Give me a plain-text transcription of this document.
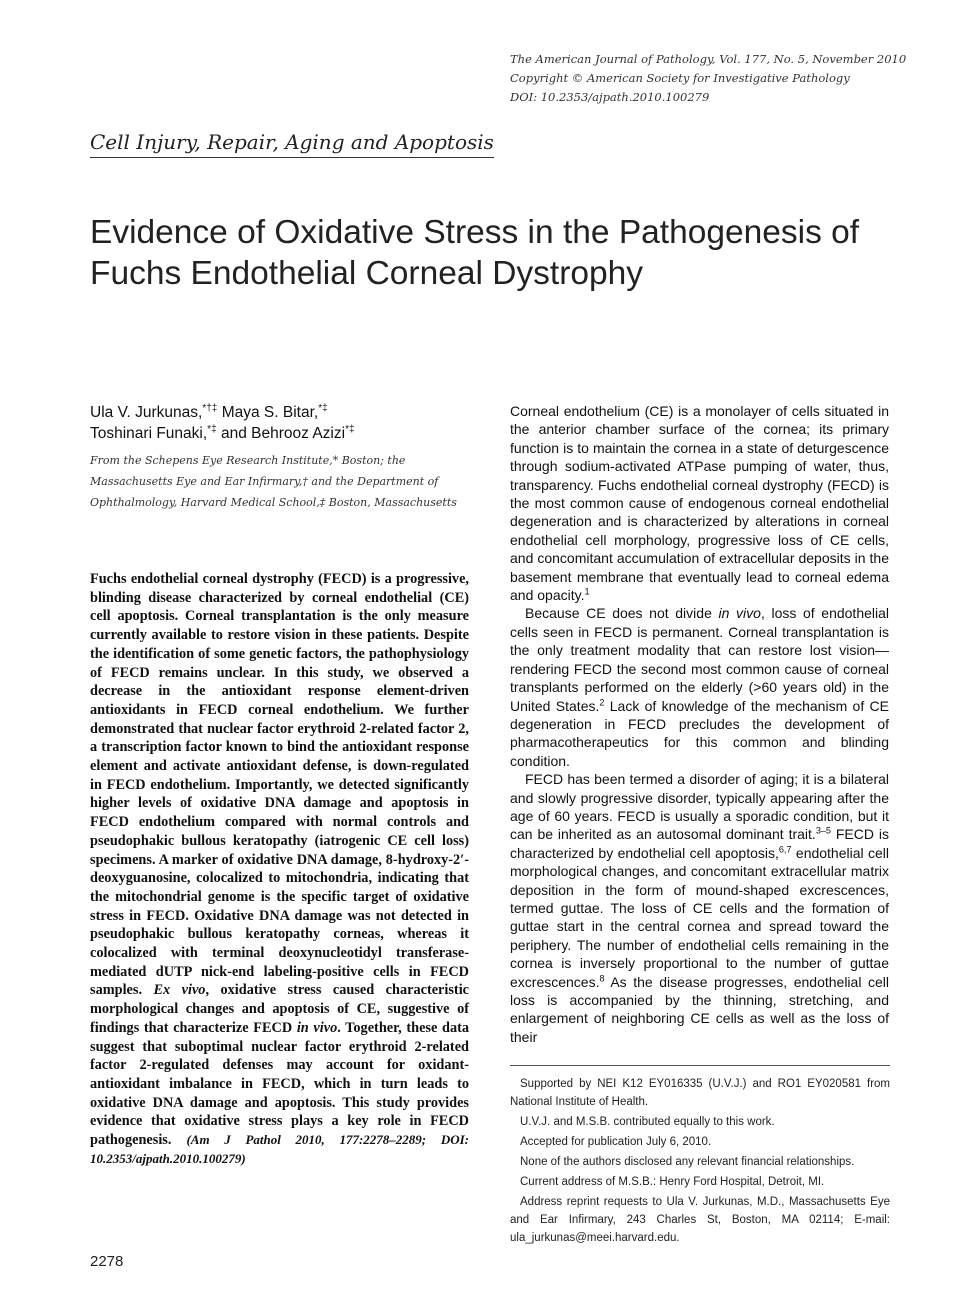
The American Journal of Pathology, Vol. 177, No. 5, November 2010
Copyright © American Society for Investigative Pathology
DOI: 10.2353/ajpath.2010.100279
Cell Injury, Repair, Aging and Apoptosis
Evidence of Oxidative Stress in the Pathogenesis of Fuchs Endothelial Corneal Dystrophy
Ula V. Jurkunas,*†‡ Maya S. Bitar,*‡
Toshinari Funaki,*‡ and Behrooz Azizi*‡
From the Schepens Eye Research Institute,* Boston; the Massachusetts Eye and Ear Infirmary,† and the Department of Ophthalmology, Harvard Medical School,‡ Boston, Massachusetts
Fuchs endothelial corneal dystrophy (FECD) is a progressive, blinding disease characterized by corneal endothelial (CE) cell apoptosis. Corneal transplantation is the only measure currently available to restore vision in these patients. Despite the identification of some genetic factors, the pathophysiology of FECD remains unclear. In this study, we observed a decrease in the antioxidant response element-driven antioxidants in FECD corneal endothelium. We further demonstrated that nuclear factor erythroid 2-related factor 2, a transcription factor known to bind the antioxidant response element and activate antioxidant defense, is down-regulated in FECD endothelium. Importantly, we detected significantly higher levels of oxidative DNA damage and apoptosis in FECD endothelium compared with normal controls and pseudophakic bullous keratopathy (iatrogenic CE cell loss) specimens. A marker of oxidative DNA damage, 8-hydroxy-2′-deoxyguanosine, colocalized to mitochondria, indicating that the mitochondrial genome is the specific target of oxidative stress in FECD. Oxidative DNA damage was not detected in pseudophakic bullous keratopathy corneas, whereas it colocalized with terminal deoxynucleotidyl transferase-mediated dUTP nick-end labeling-positive cells in FECD samples. Ex vivo, oxidative stress caused characteristic morphological changes and apoptosis of CE, suggestive of findings that characterize FECD in vivo. Together, these data suggest that suboptimal nuclear factor erythroid 2-related factor 2-regulated defenses may account for oxidant-antioxidant imbalance in FECD, which in turn leads to oxidative DNA damage and apoptosis. This study provides evidence that oxidative stress plays a key role in FECD pathogenesis. (Am J Pathol 2010, 177:2278–2289; DOI: 10.2353/ajpath.2010.100279)

Corneal endothelium (CE) is a monolayer of cells situated in the anterior chamber surface of the cornea; its primary function is to maintain the cornea in a state of deturgescence through sodium-activated ATPase pumping of water, thus, transparency. Fuchs endothelial corneal dystrophy (FECD) is the most common cause of endogenous corneal endothelial degeneration and is characterized by alterations in corneal endothelial cell morphology, progressive loss of CE cells, and concomitant accumulation of extracellular deposits in the basement membrane that eventually lead to corneal edema and opacity.$^1$

Because CE does not divide in vivo, loss of endothelial cells seen in FECD is permanent. Corneal transplantation is the only treatment modality that can restore lost vision—rendering FECD the second most common cause of corneal transplants performed on the elderly (>60 years old) in the United States.$^2$ Lack of knowledge of the mechanism of CE degeneration in FECD precludes the development of pharmacotherapeutics for this common and blinding condition.

FECD has been termed a disorder of aging; it is a bilateral and slowly progressive disorder, typically appearing after the age of 60 years. FECD is usually a sporadic condition, but it can be inherited as an autosomal dominant trait.$^{3-5}$ FECD is characterized by endothelial cell apoptosis,$^{6,7}$ endothelial cell morphological changes, and concomitant extracellular matrix deposition in the form of mound-shaped excrescences, termed guttae. The loss of CE cells and the formation of guttae start in the central cornea and spread toward the periphery. The number of endothelial cells remaining in the cornea is inversely proportional to the number of guttae excrescences.$^8$ As the disease progresses, endothelial cell loss is accompanied by the thinning, stretching, and enlargement of neighboring CE cells as well as the loss of their

Supported by NEI K12 EY016335 (U.V.J.) and RO1 EY020581 from National Institute of Health.

U.V.J. and M.S.B. contributed equally to this work.

Accepted for publication July 6, 2010.

None of the authors disclosed any relevant financial relationships.

Current address of M.S.B.: Henry Ford Hospital, Detroit, MI.

Address reprint requests to Ula V. Jurkunas, M.D., Massachusetts Eye and Ear Infirmary, 243 Charles St, Boston, MA 02114; E-mail: ula_jurkunas@meei.harvard.edu.

2278
